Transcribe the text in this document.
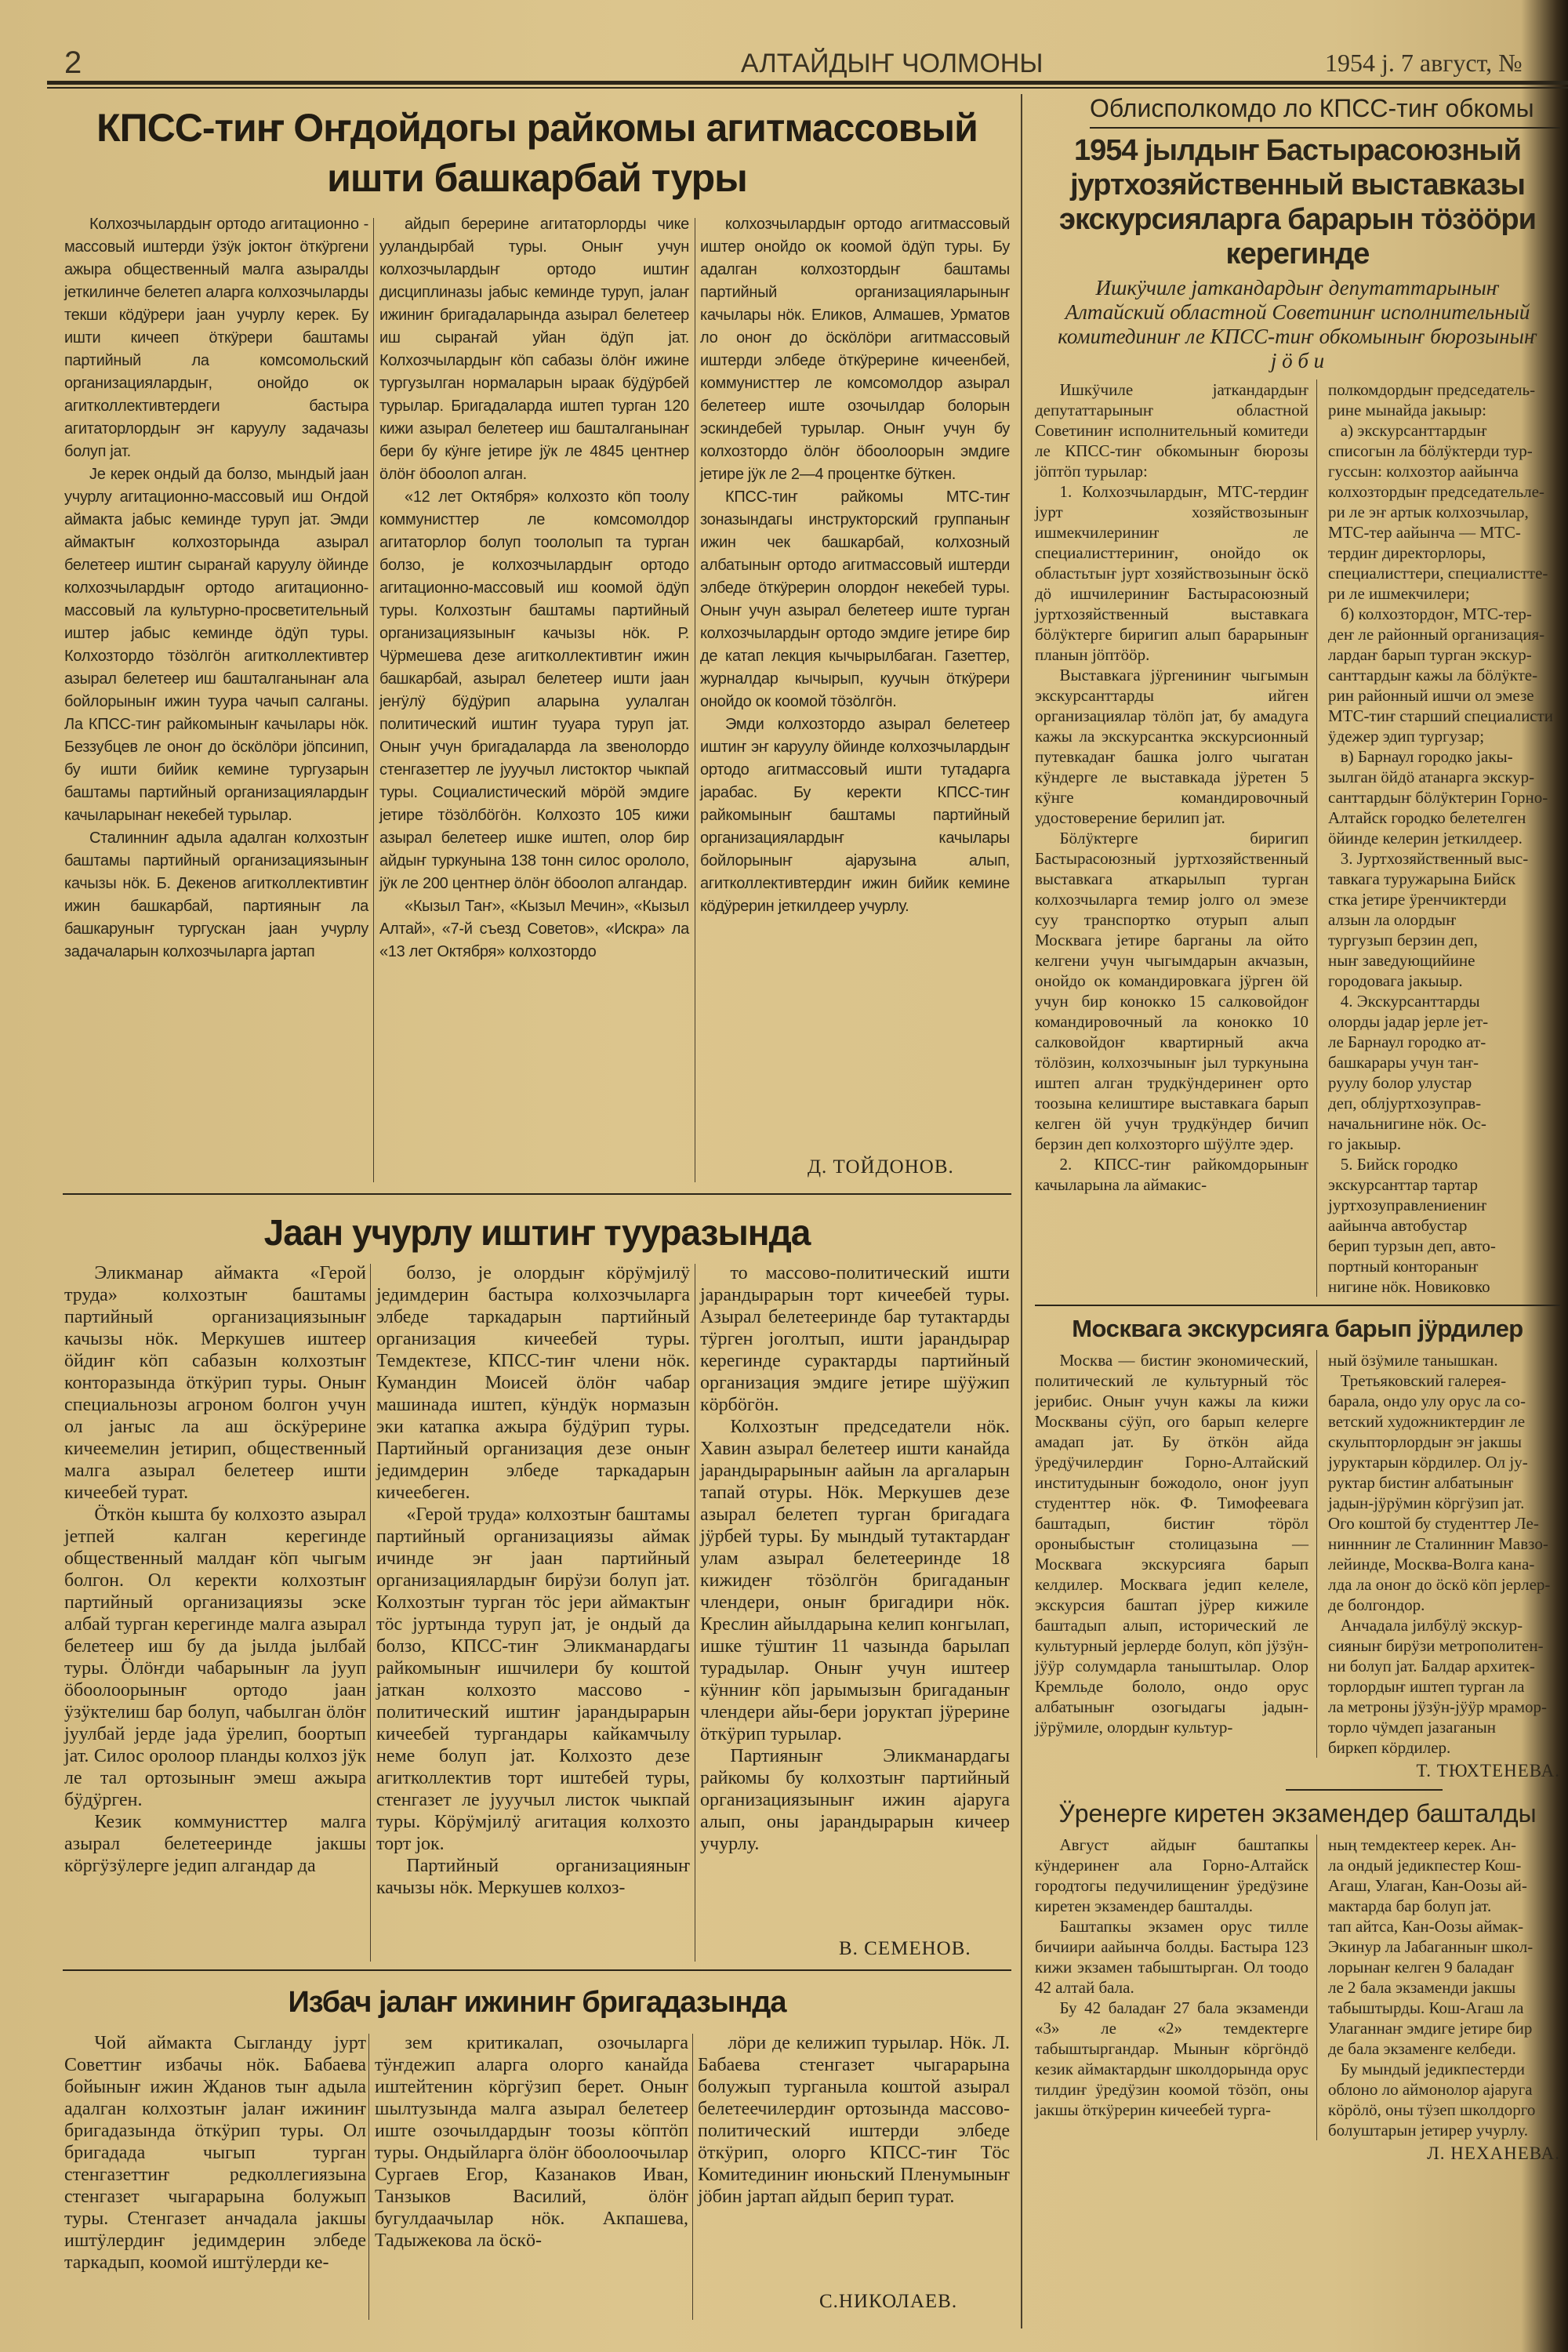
2	АЛТАЙДЫҤ ЧОЛМОНЫ	1954 ј. 7 август, №
КПСС-тиҥ Оҥдойдогы райкомы агитмассовый
ишти башкарбай туры

Колхозчылардыҥ ортодо агитационно - массовый иштерди ӱзӱк јоктоҥ ӧткӱргени ажыра общественный малга азыралды јеткилинче белетеп аларга колхозчыларды текши кӧдӱрери јаан учурлу керек. Бу ишти кичееп ӧткӱрери баштамы партийный ла комсомольский организациялардыҥ, онойдо ок агитколлективтердеги бастыра агитаторлордыҥ эҥ каруулу задачазы болуп јат.

Је керек ондый да болзо, мындый јаан учурлу агитационно-массовый иш Оҥдой аймакта јабыс кеминде туруп јат. Эмди аймактыҥ колхозторында азырал белетеер иштиҥ сыраҥай каруулу ӧйинде колхозчылардыҥ ортодо агитационно-массовый ла культурно-просветительный иштер јабыс кеминде ӧдӱп туры. Колхозтордо тӧзӧлгӧн агитколлективтер азырал белетеер иш башталганынаҥ ала бойлорыныҥ ижин туура чачып салганы. Ла КПСС-тиҥ райкомыныҥ качылары нӧк. Беззубцев ле оноҥ до ӧскӧлӧри јӧпсинип, бу ишти бийик кемине тургузарын баштамы партийный организациялардыҥ качыларынаҥ некебей турылар.

Сталинниҥ адыла адалган колхозтыҥ баштамы партийный организациязыныҥ качызы нӧк. Б. Декенов агитколлективтиҥ ижин башкарбай, партияныҥ ла башкаруныҥ тургускан јаан учурлу задачаларын колхозчыларга јартап

айдып берерине агитаторлорды чике ууландырбай туры. Оныҥ учун колхозчылардыҥ ортодо иштиҥ дисциплиназы јабыс кеминде туруп, јалаҥ ижиниҥ бригадаларында азырал белетеер иш сыраҥай уйан ӧдӱп јат. Колхозчылардыҥ кӧп сабазы ӧлӧҥ ижине тургузылган нормаларын ыраак бӱдӱрбей турылар. Бригадаларда иштеп турган 120 кижи азырал белетеер иш башталганынаҥ бери бу кӱнге јетире јӱк ле 4845 центнер ӧлӧҥ ӧбоолоп алган.

«12 лет Октября» колхозто кӧп тоолу коммунисттер ле комсомолдор агитаторлор болуп тоололып та турган болзо, је колхозчылардыҥ ортодо агитационно-массовый иш коомой ӧдӱп туры. Колхозтыҥ баштамы партийный организациязыныҥ качызы нӧк. Р. Чӱрмешева дезе агитколлективтиҥ ижин башкарбай, азырал белетеер ишти јаан јеҥӱлӱ бӱдӱрип аларына уулалган политический иштиҥ тууара туруп јат. Оныҥ учун бригадаларда ла звенолордо стенгазеттер ле јууучыл листоктор чыкпай туры. Социалистический мӧрӧй эмдиге јетире тӧзӧлбӧгӧн. Колхозто 105 кижи азырал белетеер ишке иштеп, олор бир айдыҥ туркунына 138 тонн силос орололо, јӱк ле 200 центнер ӧлӧҥ ӧбоолоп алгандар.

«Кызыл Таҥ», «Кызыл Мечин», «Кызыл Алтай», «7-й съезд Советов», «Искра» ла «13 лет Октября» колхозтордо

колхозчылардыҥ ортодо агитмассовый иштер онойдо ок коомой ӧдӱп туры. Бу адалган колхозтордыҥ баштамы партийный организацияларыныҥ качылары нӧк. Еликов, Алмашев, Урматов ло оноҥ до ӧскӧлӧри агитмассовый иштерди элбеде ӧткӱрерине кичеенбей, коммунисттер ле комсомолдор азырал белетеер иште озочылдар болорын эскиндебей турылар. Оныҥ учун бу колхозтордо ӧлӧҥ ӧбоолоорын эмдиге јетире јӱк ле 2—4 процентке бӱткен.

КПСС-тиҥ райкомы МТС-тиҥ зоназындагы инструкторский группаныҥ ижин чек башкарбай, колхозный албатыныҥ ортодо агитмассовый иштерди элбеде ӧткӱрерин олордоҥ некебей туры. Оныҥ учун азырал белетеер иште турган колхозчылардыҥ ортодо эмдиге јетире бир де катап лекция кычырылбаган. Газеттер, журналдар кычырып, куучын ӧткӱрери онойдо ок коомой тӧзӧлгӧн.

Эмди колхозтордо азырал белетеер иштиҥ эҥ каруулу ӧйинде колхозчылардыҥ ортодо агитмассовый ишти тутадарга јарабас. Бу керекти КПСС-тиҥ райкомыныҥ баштамы партийный организациялардыҥ качылары бойлорыныҥ ајарузына алып, агитколлективтердиҥ ижин бийик кемине кӧдӱрерин јеткилдеер учурлу.

Д. ТОЙДОНОВ.
Јаан учурлу иштиҥ тууразында

Эликманар аймакта «Герой труда» колхозтыҥ баштамы партийный организациязыныҥ качызы нӧк. Меркушев иштеер ӧйдиҥ кӧп сабазын колхозтыҥ конторазында ӧткӱрип туры. Оныҥ специальнозы агроном болгон учун ол јаҥыс ла аш ӧскӱрерине кичеемелин јетирип, общественный малга азырал белетеер ишти кичеебей турат.

Ӧткӧн кышта бу колхозто азырал јетпей калган керегинде общественный малдаҥ кӧп чыгым болгон. Ол керекти колхозтыҥ партийный организациязы эске албай турган керегинде малга азырал белетеер иш бу да јылда јылбай туры. Ӧлӧҥди чабарыныҥ ла јууп ӧбоолоорыныҥ ортодо јаан ӱзӱктелиш бар болуп, чабылган ӧлӧҥ јуулбай јерде јада ӱрелип, боортып јат. Силос оролоор планды колхоз јӱк ле тал ортозыныҥ эмеш ажыра бӱдӱрген.

Кезик коммунисттер малга азырал белетееринде јакшы кӧргӱзӱлерге једип алгандар да

болзо, је олордыҥ кӧрӱмјилӱ једимдерин бастыра колхозчыларга элбеде таркадарын партийный организация кичеебей туры. Темдектезе, КПСС-тиҥ члени нӧк. Кумандин Моисей ӧлӧҥ чабар машинада иштеп, кӱндӱк нормазын эки катапка ажыра бӱдӱрип туры. Партийный организация дезе оныҥ једимдерин элбеде таркадарын кичеебеген.

«Герой труда» колхозтыҥ баштамы партийный организациязы аймак ичинде эҥ јаан партийный организациялардыҥ бирӱзи болуп јат. Колхозтыҥ турган тӧс јери аймактыҥ тӧс јуртында туруп јат, је ондый да болзо, КПСС-тиҥ Эликманардагы райкомыныҥ ишчилери бу коштой јаткан колхозто массово - политический иштиҥ јарандырарын кичеебей тургандары кайкамчылу неме болуп јат. Колхозто дезе агитколлектив торт иштебей туры, стенгазет ле јууучыл листок чыкпай туры. Кӧрӱмјилӱ агитация колхозто торт јок.

Партийный организацияныҥ качызы нӧк. Меркушев колхоз-

то массово-политический ишти јарандырарын торт кичеебей туры. Азырал белетееринде бар тутактарды тӱрген јоголтып, ишти јарандырар керегинде сурактарды партийный организация эмдиге јетире шӱӱжип кӧрбӧгӧн.

Колхозтыҥ председатели нӧк. Хавин азырал белетеер ишти канайда јарандырарыныҥ аайын ла аргаларын тапай отуры. Нӧк. Меркушев дезе азырал белетеп турган бригадага јӱрбей туры. Бу мындый тутактардаҥ улам азырал белетееринде 18 кижидеҥ тӧзӧлгӧн бригаданыҥ члендери, оныҥ бригадири нӧк. Креслин айылдарына келип конгылап, ишке тӱштиҥ 11 чазында барылап турадылар. Оныҥ учун иштеер кӱнниҥ кӧп јарымызын бригаданыҥ члендери айы-бери јоруктап јӱрерине ӧткӱрип турылар.

Партияныҥ Эликманардагы райкомы бу колхозтыҥ партийный организациязыныҥ ижин ајаруга алып, оны јарандырарын кичеер учурлу.

В. СЕМЕНОВ.
Избач јалаҥ ижиниҥ бригадазында

Чой аймакта Сыгланду јурт Советтиҥ избачы нӧк. Бабаева бойыныҥ ижин Жданов тыҥ адыла адалган колхозтыҥ јалаҥ ижиниҥ бригадазында ӧткӱрип туры. Ол бригадада чыгып турган стенгазеттиҥ редколлегиязына стенгазет чыгарарына болужып туры. Стенгазет анчадала јакшы иштӱлердиҥ једимдерин элбеде таркадып, коомой иштӱлерди ке-

зем критикалап, озочыларга тӱҥдежип аларга олорго канайда иштейтенин кӧргӱзип берет. Оныҥ шылтузында малга азырал белетеер иште озочылдардыҥ тоозы кӧптӧп туры. Ондыйларга ӧлӧҥ ӧбоолоочылар Сургаев Егор, Казанаков Иван, Танзыков Василий, ӧлӧҥ бугулдаачылар нӧк. Акпашева, Тадыжекова ла ӧскӧ-

лӧри де келижип турылар. Нӧк. Л. Бабаева стенгазет чыгарарына болужып турганыла коштой азырал белетеечилердиҥ ортозында массово-политический иштерди элбеде ӧткӱрип, олорго КПСС-тиҥ Тӧс Комитединиҥ июньский Пленумыныҥ јӧбин јартап айдып берип турат.

С.НИКОЛАЕВ.
Облисполкомдо ло КПСС-тиҥ обкомы
1954 јылдыҥ Бастырасоюзный
јуртхозяйственный выставказы
экскурсияларга барарын тӧзӧӧри керегинде
Ишкӱчиле јаткандардыҥ депутаттарыныҥ
Алтайский областной Советиниҥ исполнительный
комитединиҥ ле КПСС-тиҥ обкомыныҥ бюрозыныҥ
ј ӧ б и

Ишкӱчиле јаткандардыҥ депутаттарыныҥ областной Советиниҥ исполнительный комитеди ле КПСС-тиҥ обкомыныҥ бюрозы јӧптӧп турылар:

1. Колхозчылардыҥ, МТС-тердиҥ јурт хозяйствозыныҥ ишмекчилериниҥ ле специалисттериниҥ, онойдо ок областьтыҥ јурт хозяйствозыныҥ ӧскӧ дӧ ишчилериниҥ Бастырасоюзный јуртхозяйственный выставкага бӧлӱктерге биригип алып барарыныҥ планын јӧптӧӧр.

Выставкага јӱргениниҥ чыгымын экскурсанттарды ийген организациялар тӧлӧп јат, бу амадуга кажы ла экскурсантка экскурсионный путевкадаҥ башка јолго чыгатан кӱндерге ле выставкада јӱретен 5 кӱнге командировочный удостоверение берилип јат.

Бӧлӱктерге биригип Бастырасоюзный јуртхозяйственный выставкага аткарылып турган колхозчыларга темир јолго ол эмезе суу транспортко отурып алып Москвага јетире барганы ла ойто келгени учун чыгымдарын акчазын, онойдо ок командировкага јӱрген ӧй учун бир конокко 15 салковойдоҥ командировочный ла конокко 10 салковойдоҥ квартирный акча тӧлӧзин, колхозчыныҥ јыл туркунына иштеп алган трудкӱндеринеҥ орто тоозына келиштире выставкага барып келген ӧй учун трудкӱндер бичип берзин деп колхозторго шӱӱлте эдер.

2. КПСС-тиҥ райкомдорыныҥ качыларына ла аймакис-

полкомдордыҥ председатель-
рине мынайда јакыыр:
а) экскурсанттардыҥ
списогын ла бӧлӱктерди тур-
гуссын: колхозтор аайынча
колхозтордыҥ председательле-
ри ле эҥ артык колхозчылар,
МТС-тер аайынча — МТС-
тердиҥ директорлоры,
специалисттери, специалистте-
ри ле ишмекчилери;
б) колхозтордоҥ, МТС-тер-
деҥ ле районный организация-
лардаҥ барып турган экскур-
санттардыҥ кажы ла бӧлӱкте-
рин районный ишчи ол эмезе
МТС-тиҥ старший специалисти
ӱдежер эдип тургузар;
в) Барнаул городко јакы-
зылган ӧйдӧ атанарга экскур-
санттардыҥ бӧлӱктерин Горно-
Алтайск городко белетелген
ӧйинде келерин јеткилдеер.
3. Јуртхозяйственный выс-
тавкага туружарына Бийск
стка јетире ӱренчиктерди
алзын ла олордыҥ
тургузып берзин деп,
ныҥ заведующийине
городовага јакыыр.
4. Экскурсанттарды
олорды јадар јерле јет-
ле Барнаул городко ат-
башкарары учун таҥ-
руулу болор улустар
деп, облјуртхозуправ-
начальнигине нӧк. Ос-
го јакыыр.
5. Бийск городко
экскурсанттар тартар
јуртхозуправлениениҥ
аайынча автобустар
берип турзын деп, авто-
портный контораныҥ
нигине нӧк. Новиковко
Москвага экскурсияга барып јӱрдилер

Москва — бистиҥ экономический, политический ле культурный тӧс јерибис. Оныҥ учун кажы ла кижи Москваны сӱӱп, ого барып келерге амадап јат. Бу ӧткӧн айда ӱредӱчилердиҥ Горно-Алтайский институдыныҥ божодоло, оноҥ јууп студенттер нӧк. Ф. Тимофеевага баштадып, бистиҥ тӧрӧл ороныбыстыҥ столицазына — Москвага экскурсияга барып келдилер. Москвага једип келеле, экскурсия баштап јӱрер кижиле баштадып алып, исторический ле культурный јерлерде болуп, кӧп јӱзӱн-јӱӱр солумдарла таныштылар. Олор Кремльде бололо, ондо орус албатыныҥ озогыдагы јадын-јӱрӱмиле, олордыҥ культур-

ный ӧзӱмиле танышкан.
Третьяковский галерея-
барала, ондо улу орус ла со-
ветский художниктердиҥ ле
скульпторлордыҥ эҥ јакшы
јуруктарын кӧрдилер. Ол ју-
руктар бистиҥ албатыныҥ
јадын-јӱрӱмин кӧргӱзип јат.
Ого коштой бу студенттер Ле-
ниннниҥ ле Сталинниҥ Мавзо-
лейинде, Москва-Волга кана-
лда ла оноҥ до ӧскӧ кӧп јерлер-
де болгондор.
Анчадала јилбӱлӱ экскур-
сияныҥ бирӱзи метрополитен-
ни болуп јат. Балдар архитек-
торлордыҥ иштеп турган ла
ла метроны јӱзӱн-јӱӱр мрамор-
торло чӱмдеп јазаганын
биркеп кӧрдилер.
Т. ТЮХТЕНЕВА.
Ӱренерге киретен экзамендер башталды

Август айдыҥ баштапкы кӱндеринеҥ ала Горно-Алтайск городтогы педучилищениҥ ӱредӱзине киретен экзамендер башталды.

Баштапкы экзамен орус тилле бичиири аайынча болды. Бастыра 123 кижи экзамен табыштырган. Ол тоодо 42 алтай бала.

Бу 42 баладаҥ 27 бала экзаменди «3» ле «2» темдектерге табыштыргандар. Мыныҥ кӧргӧндӧ кезик аймактардыҥ школдорында орус тилдиҥ ӱредӱзин коомой тӧзӧп, оны јакшы ӧткӱрерин кичеебей турга-

ның темдектеер керек. Ан-
ла ондый једикпестер Кош-
Агаш, Улаган, Кан-Оозы ай-
мактарда бар болуп јат.
тап айтса, Кан-Оозы аймак-
Экинур ла Јабаганныҥ школ-
лорынаҥ келген 9 баладаҥ
ле 2 бала экзаменди јакшы
табыштырды. Кош-Агаш ла
Улаганнаҥ эмдиге јетире бир
де бала экзаменге келбеди.
Бу мындый једикпестерди
облоно ло аймонолор ајаруга
кӧрӧлӧ, оны тӱзеп школдорго
болуштарын јетирер учурлу.
Л. НЕХАНЕВА.
